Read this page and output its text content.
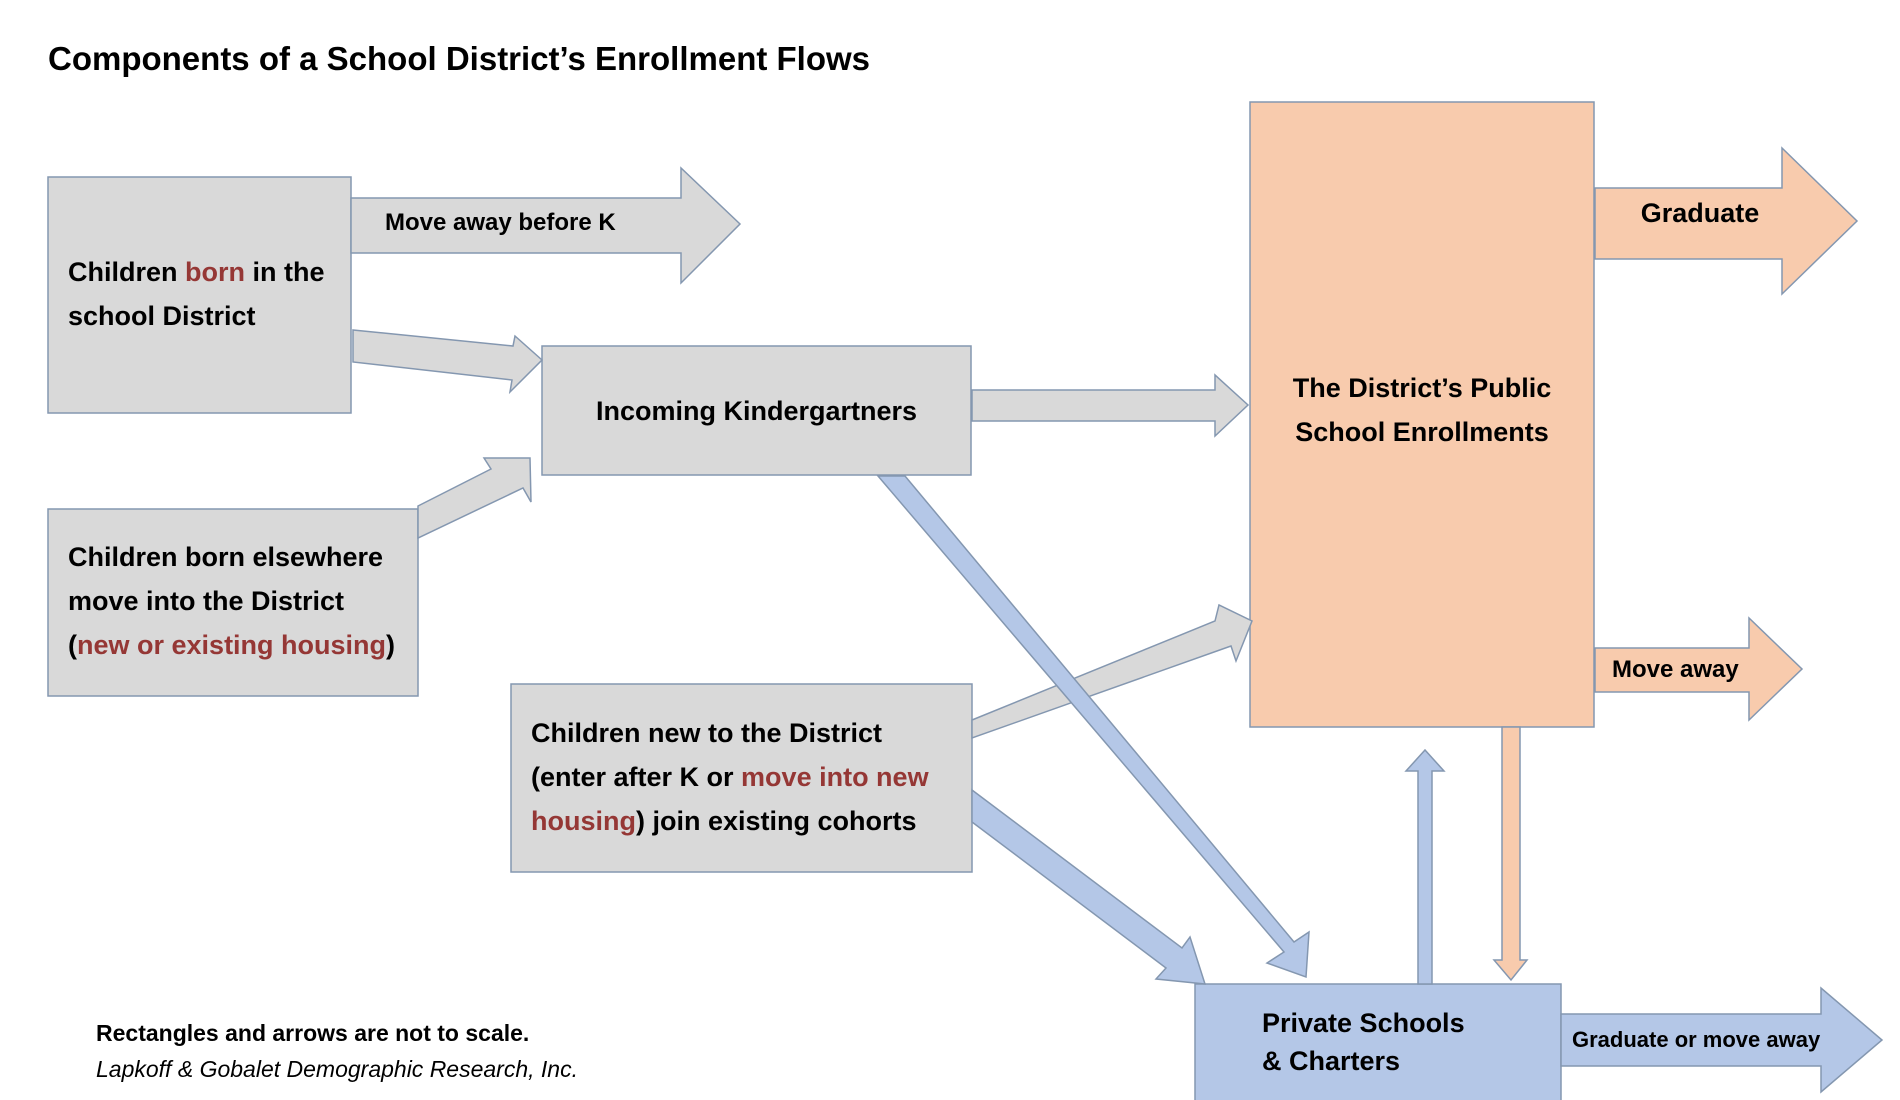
Components of a School District’s Enrollment Flows
Children born in the
school District
Children born elsewhere
move into the District
(new or existing housing)
Incoming Kindergartners
Children new to the District
(enter after K or move into new
housing) join existing cohorts
The District’s Public
School Enrollments
Private Schools
& Charters
Move away before K	Graduate
Move away
Graduate or move away
Rectangles and arrows are not to scale.
Lapkoff & Gobalet Demographic Research, Inc.
